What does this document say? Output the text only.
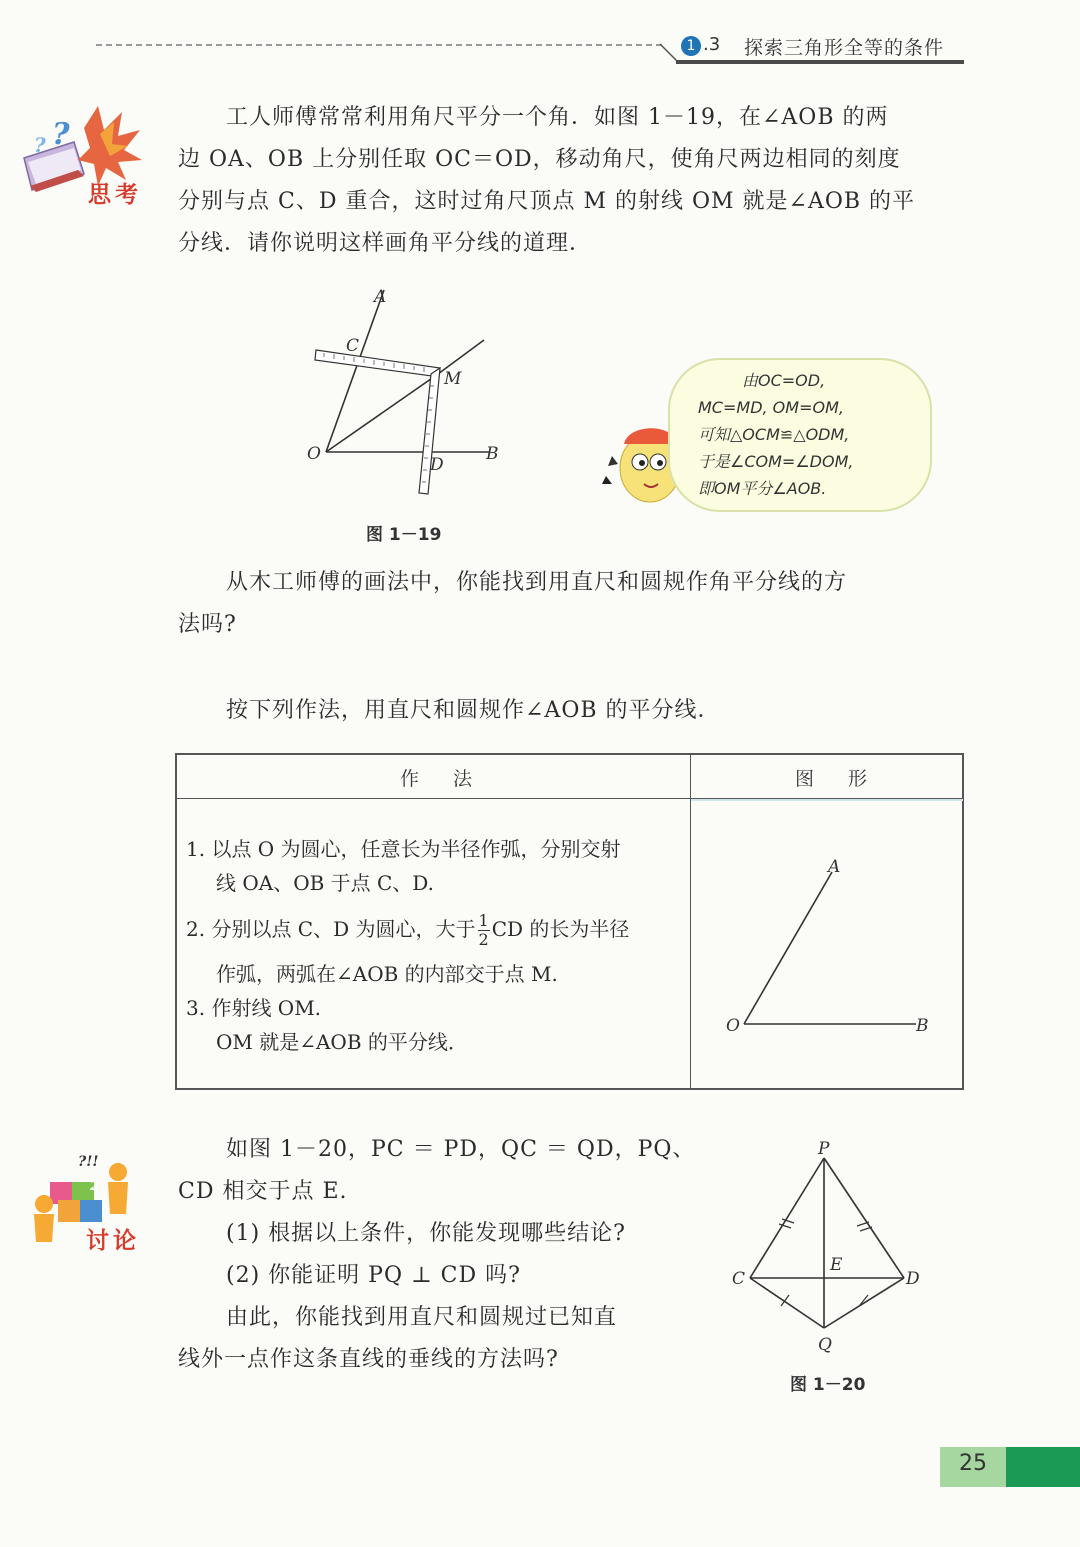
1 .3 探索三角形全等的条件
?
?
思考

工人师傅常常利用角尺平分一个角．如图 1－19，在∠AOB 的两

边 OA、OB 上分别任取 OC＝OD，移动角尺，使角尺两边相同的刻度

分别与点 C、D 重合，这时过角尺顶点 M 的射线 OM 就是∠AOB 的平

分线．请你说明这样画角平分线的道理．

A
C
M
O	B
D
图 1－19
由OC=OD,
MC=MD, OM=OM,
可知△OCM≌△ODM,
于是∠COM=∠DOM,
即OM平分∠AOB.

从木工师傅的画法中，你能找到用直尺和圆规作角平分线的方

法吗?

按下列作法，用直尺和圆规作∠AOB 的平分线．

作 法	图 形
1. 以点 O 为圆心，任意长为半径作弧，分别交射
线 OA、OB 于点 C、D.
2. 分别以点 C、D 为圆心，大于 $\frac{1}{2}$ CD 的长为半径
作弧，两弧在∠AOB 的内部交于点 M.
3. 作射线 OM.
OM 就是∠AOB 的平分线．
A
O	B
?!!
2
讨论

如图 1－20，PC ＝ PD，QC ＝ QD，PQ、

CD 相交于点 E.

(1) 根据以上条件，你能发现哪些结论?

(2) 你能证明 PQ ⊥ CD 吗?

由此，你能找到用直尺和圆规过已知直

线外一点作这条直线的垂线的方法吗?

P
C
E
D
Q
图 1－20
25
